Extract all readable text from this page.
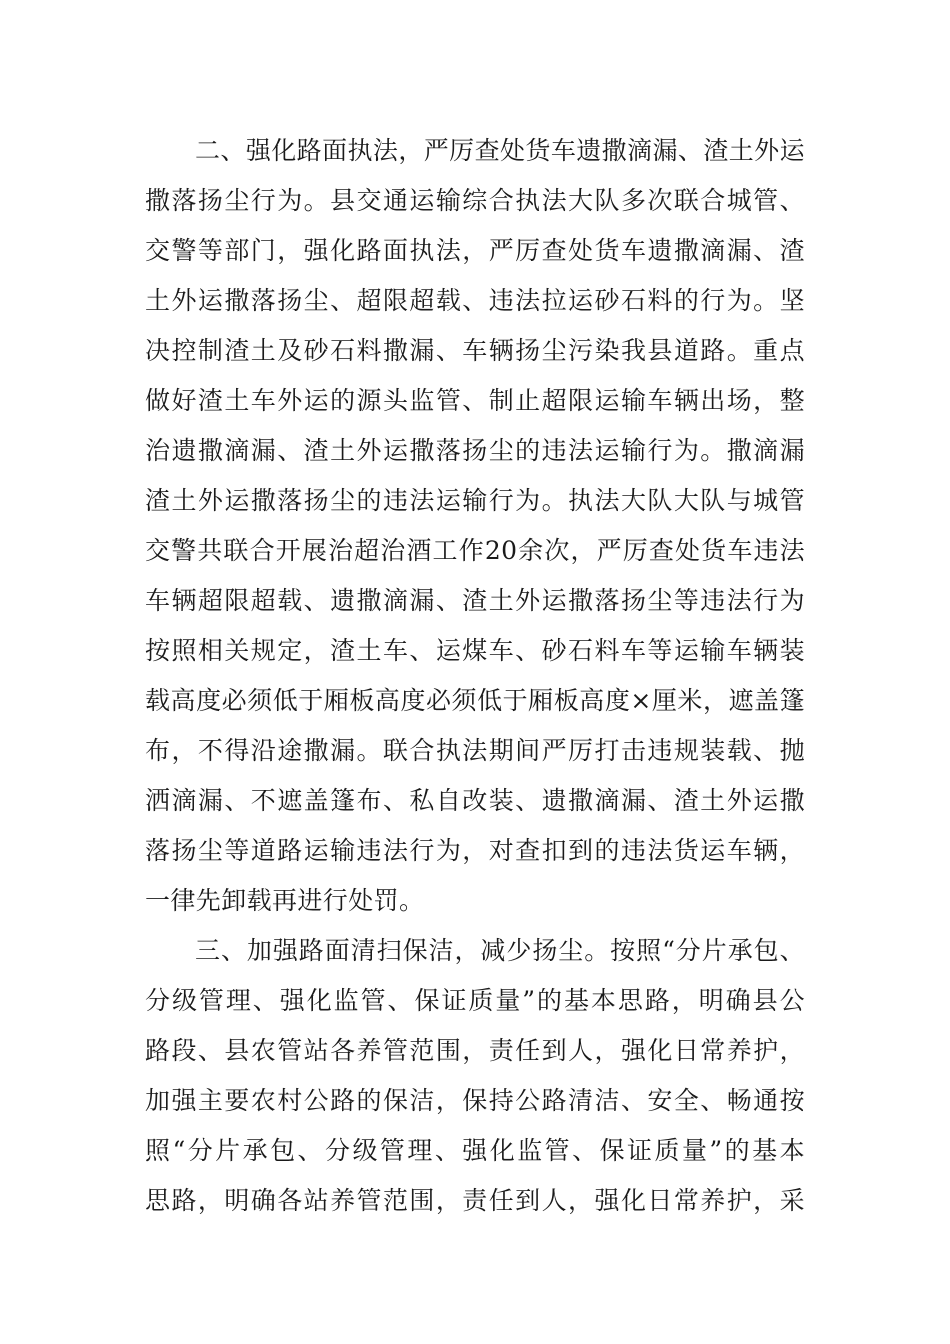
二、强化路面执法，严厉查处货车遗撒滴漏、渣土外运
撒落扬尘行为。县交通运输综合执法大队多次联合城管、
交警等部门，强化路面执法，严厉查处货车遗撒滴漏、渣
土外运撒落扬尘、超限超载、违法拉运砂石料的行为。坚
决控制渣土及砂石料撒漏、车辆扬尘污染我县道路。重点
做好渣土车外运的源头监管、制止超限运输车辆出场，整
治遗撒滴漏、渣土外运撒落扬尘的违法运输行为。撒滴漏
渣土外运撒落扬尘的违法运输行为。执法大队大队与城管
交警共联合开展治超治酒工作20余次，严厉查处货车违法
车辆超限超载、遗撒滴漏、渣土外运撒落扬尘等违法行为
按照相关规定，渣土车、运煤车、砂石料车等运输车辆装
载高度必须低于厢板高度必须低于厢板高度×厘米，遮盖篷
布，不得沿途撒漏。联合执法期间严厉打击违规装载、抛
洒滴漏、不遮盖篷布、私自改装、遗撒滴漏、渣土外运撒
落扬尘等道路运输违法行为，对查扣到的违法货运车辆，
一律先卸载再进行处罚。
三、加强路面清扫保洁，减少扬尘。按照“分片承包、
分级管理、强化监管、保证质量”的基本思路，明确县公
路段、县农管站各养管范围，责任到人，强化日常养护，
加强主要农村公路的保洁，保持公路清洁、安全、畅通按
照“分片承包、分级管理、强化监管、保证质量”的基本
思路，明确各站养管范围，责任到人，强化日常养护，采
